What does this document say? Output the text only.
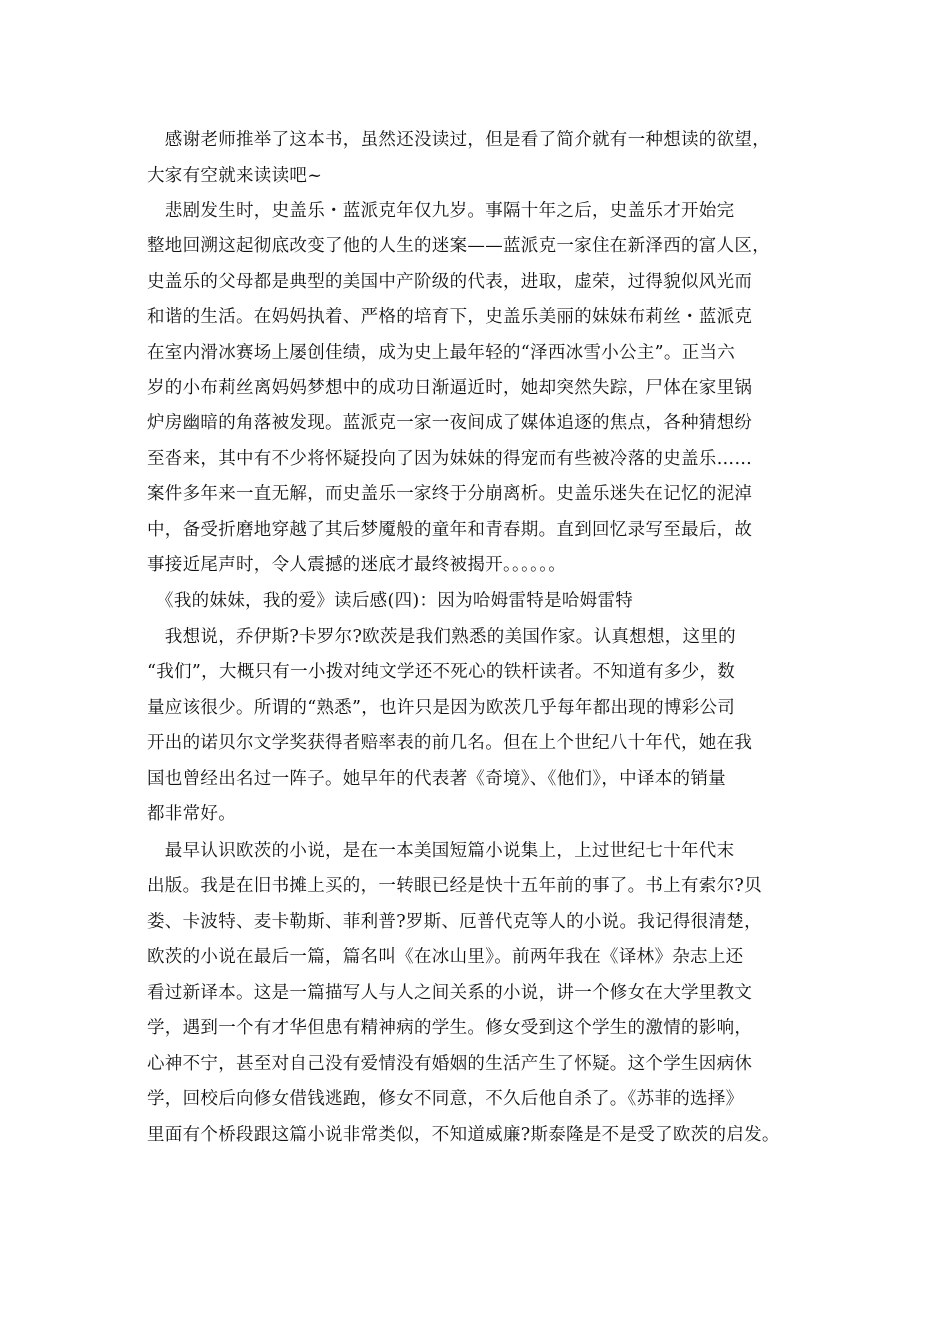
　感谢老师推举了这本书，虽然还没读过，但是看了简介就有一种想读的欲望，
大家有空就来读读吧~
　悲剧发生时，史盖乐・蓝派克年仅九岁。事隔十年之后，史盖乐才开始完
整地回溯这起彻底改变了他的人生的迷案——蓝派克一家住在新泽西的富人区，
史盖乐的父母都是典型的美国中产阶级的代表，进取，虚荣，过得貌似风光而
和谐的生活。在妈妈执着、严格的培育下，史盖乐美丽的妹妹布莉丝・蓝派克
在室内滑冰赛场上屡创佳绩，成为史上最年轻的“泽西冰雪小公主”。正当六
岁的小布莉丝离妈妈梦想中的成功日渐逼近时，她却突然失踪，尸体在家里锅
炉房幽暗的角落被发现。蓝派克一家一夜间成了媒体追逐的焦点，各种猜想纷
至沓来，其中有不少将怀疑投向了因为妹妹的得宠而有些被冷落的史盖乐……
案件多年来一直无解，而史盖乐一家终于分崩离析。史盖乐迷失在记忆的泥淖
中，备受折磨地穿越了其后梦魇般的童年和青春期。直到回忆录写至最后，故
事接近尾声时，令人震撼的迷底才最终被揭开。。。。。。
　《我的妹妹，我的爱》读后感(四)：因为哈姆雷特是哈姆雷特
　我想说，乔伊斯?卡罗尔?欧茨是我们熟悉的美国作家。认真想想，这里的
“我们”，大概只有一小拨对纯文学还不死心的铁杆读者。不知道有多少，数
量应该很少。所谓的“熟悉”，也许只是因为欧茨几乎每年都出现的博彩公司
开出的诺贝尔文学奖获得者赔率表的前几名。但在上个世纪八十年代，她在我
国也曾经出名过一阵子。她早年的代表著《奇境》、《他们》，中译本的销量
都非常好。
　最早认识欧茨的小说，是在一本美国短篇小说集上，上过世纪七十年代末
出版。我是在旧书摊上买的，一转眼已经是快十五年前的事了。书上有索尔?贝
娄、卡波特、麦卡勒斯、菲利普?罗斯、厄普代克等人的小说。我记得很清楚，
欧茨的小说在最后一篇，篇名叫《在冰山里》。前两年我在《译林》杂志上还
看过新译本。这是一篇描写人与人之间关系的小说，讲一个修女在大学里教文
学，遇到一个有才华但患有精神病的学生。修女受到这个学生的激情的影响，
心神不宁，甚至对自己没有爱情没有婚姻的生活产生了怀疑。这个学生因病休
学，回校后向修女借钱逃跑，修女不同意，不久后他自杀了。《苏菲的选择》
里面有个桥段跟这篇小说非常类似，不知道威廉?斯泰隆是不是受了欧茨的启发。
